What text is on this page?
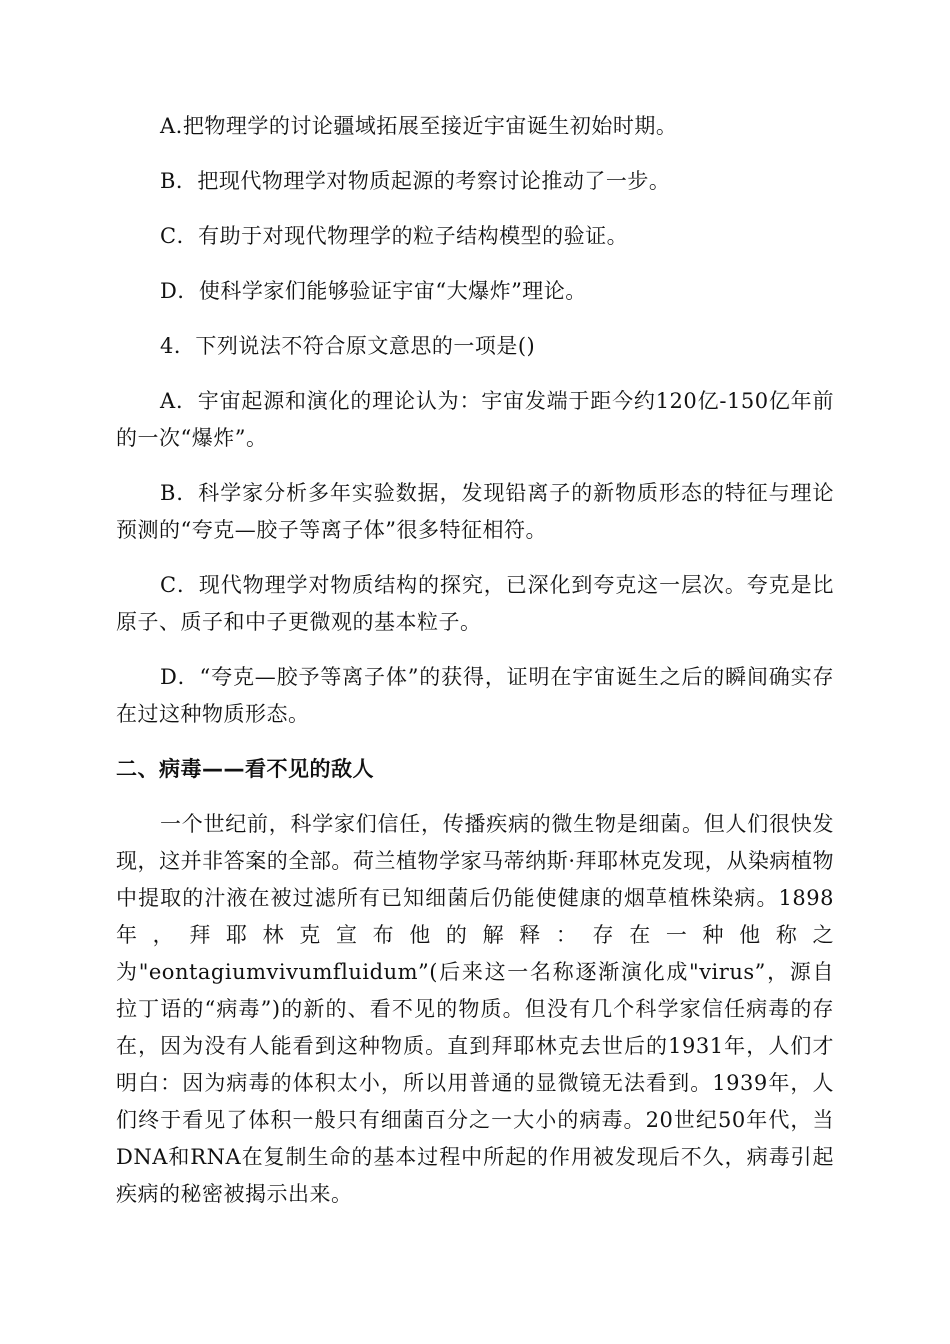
A.把物理学的讨论疆域拓展至接近宇宙诞生初始时期。

B．把现代物理学对物质起源的考察讨论推动了一步。

C．有助于对现代物理学的粒子结构模型的验证。

D．使科学家们能够验证宇宙“大爆炸”理论。

4．下列说法不符合原文意思的一项是()

A．宇宙起源和演化的理论认为：宇宙发端于距今约120亿-150亿年前的一次“爆炸”。

B．科学家分析多年实验数据，发现铅离子的新物质形态的特征与理论预测的“夸克—胶子等离子体”很多特征相符。

C．现代物理学对物质结构的探究，已深化到夸克这一层次。夸克是比原子、质子和中子更微观的基本粒子。

D．“夸克—胶予等离子体”的获得，证明在宇宙诞生之后的瞬间确实存在过这种物质形态。

二、病毒——看不见的敌人

一个世纪前，科学家们信任，传播疾病的微生物是细菌。但人们很快发现，这并非答案的全部。荷兰植物学家马蒂纳斯·拜耶林克发现，从染病植物中提取的汁液在被过滤所有已知细菌后仍能使健康的烟草植株染病。1898年，拜耶林克宣布他的解释：存在一种他称之为"eontagiumvivumfluidum”(后来这一名称逐渐演化成"virus”，源自拉丁语的“病毒”)的新的、看不见的物质。但没有几个科学家信任病毒的存在，因为没有人能看到这种物质。直到拜耶林克去世后的1931年，人们才明白：因为病毒的体积太小，所以用普通的显微镜无法看到。1939年，人们终于看见了体积一般只有细菌百分之一大小的病毒。20世纪50年代，当DNA和RNA在复制生命的基本过程中所起的作用被发现后不久，病毒引起疾病的秘密被揭示出来。
